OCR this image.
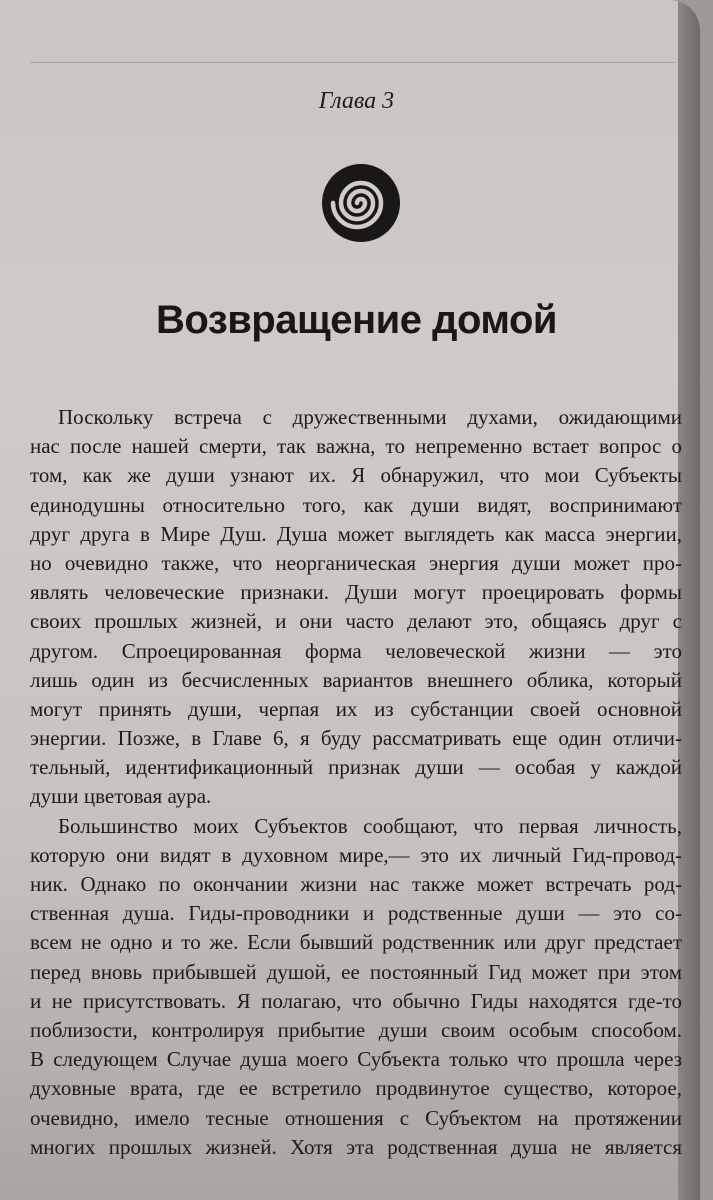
Глава 3
Возвращение домой
Поскольку встреча с дружественными духами, ожидающими
нас после нашей смерти, так важна, то непременно встает вопрос о
том, как же души узнают их. Я обнаружил, что мои Субъекты
единодушны относительно того, как души видят, воспринимают
друг друга в Мире Душ. Душа может выглядеть как масса энергии,
но очевидно также, что неорганическая энергия души может про-
являть человеческие признаки. Души могут проецировать формы
своих прошлых жизней, и они часто делают это, общаясь друг с
другом. Спроецированная форма человеческой жизни — это
лишь один из бесчисленных вариантов внешнего облика, который
могут принять души, черпая их из субстанции своей основной
энергии. Позже, в Главе 6, я буду рассматривать еще один отличи-
тельный, идентификационный признак души — особая у каждой
души цветовая аура.
Большинство моих Субъектов сообщают, что первая личность,
которую они видят в духовном мире,— это их личный Гид-провод-
ник. Однако по окончании жизни нас также может встречать род-
ственная душа. Гиды-проводники и родственные души — это со-
всем не одно и то же. Если бывший родственник или друг предстает
перед вновь прибывшей душой, ее постоянный Гид может при этом
и не присутствовать. Я полагаю, что обычно Гиды находятся где-то
поблизости, контролируя прибытие души своим особым способом.
В следующем Случае душа моего Субъекта только что прошла через
духовные врата, где ее встретило продвинутое существо, которое,
очевидно, имело тесные отношения с Субъектом на протяжении
многих прошлых жизней. Хотя эта родственная душа не является
